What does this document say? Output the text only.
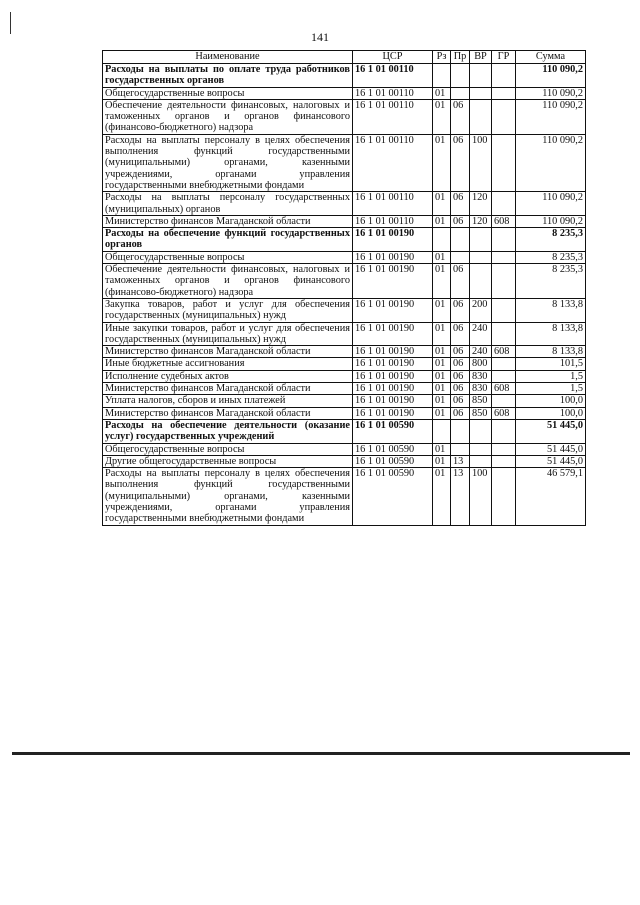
141
Наименование	ЦСР	Рз	Пр	ВР	ГР	Сумма
Расходы на выплаты по оплате труда работников государственных органов	16 1 01 00110					110 090,2
Общегосударственные вопросы	16 1 01 00110	01				110 090,2
Обеспечение деятельности финансовых, налоговых и таможенных органов и органов финансового (финансово-бюджетного) надзора	16 1 01 00110	01	06			110 090,2
Расходы на выплаты персоналу в целях обеспечения выполнения функций государственными (муниципальными) органами, казенными учреждениями, органами управления государственными внебюджетными фондами	16 1 01 00110	01	06	100		110 090,2
Расходы на выплаты персоналу государственных (муниципальных) органов	16 1 01 00110	01	06	120		110 090,2
Министерство финансов Магаданской области	16 1 01 00110	01	06	120	608	110 090,2
Расходы на обеспечение функций государственных органов	16 1 01 00190					8 235,3
Общегосударственные вопросы	16 1 01 00190	01				8 235,3
Обеспечение деятельности финансовых, налоговых и таможенных органов и органов финансового (финансово-бюджетного) надзора	16 1 01 00190	01	06			8 235,3
Закупка товаров, работ и услуг для обеспечения государственных (муниципальных) нужд	16 1 01 00190	01	06	200		8 133,8
Иные закупки товаров, работ и услуг для обеспечения государственных (муниципальных) нужд	16 1 01 00190	01	06	240		8 133,8
Министерство финансов Магаданской области	16 1 01 00190	01	06	240	608	8 133,8
Иные бюджетные ассигнования	16 1 01 00190	01	06	800		101,5
Исполнение судебных актов	16 1 01 00190	01	06	830		1,5
Министерство финансов Магаданской области	16 1 01 00190	01	06	830	608	1,5
Уплата налогов, сборов и иных платежей	16 1 01 00190	01	06	850		100,0
Министерство финансов Магаданской области	16 1 01 00190	01	06	850	608	100,0
Расходы на обеспечение деятельности (оказание услуг) государственных учреждений	16 1 01 00590					51 445,0
Общегосударственные вопросы	16 1 01 00590	01				51 445,0
Другие общегосударственные вопросы	16 1 01 00590	01	13			51 445,0
Расходы на выплаты персоналу в целях обеспечения выполнения функций государственными (муниципальными) органами, казенными учреждениями, органами управления государственными внебюджетными фондами	16 1 01 00590	01	13	100		46 579,1
